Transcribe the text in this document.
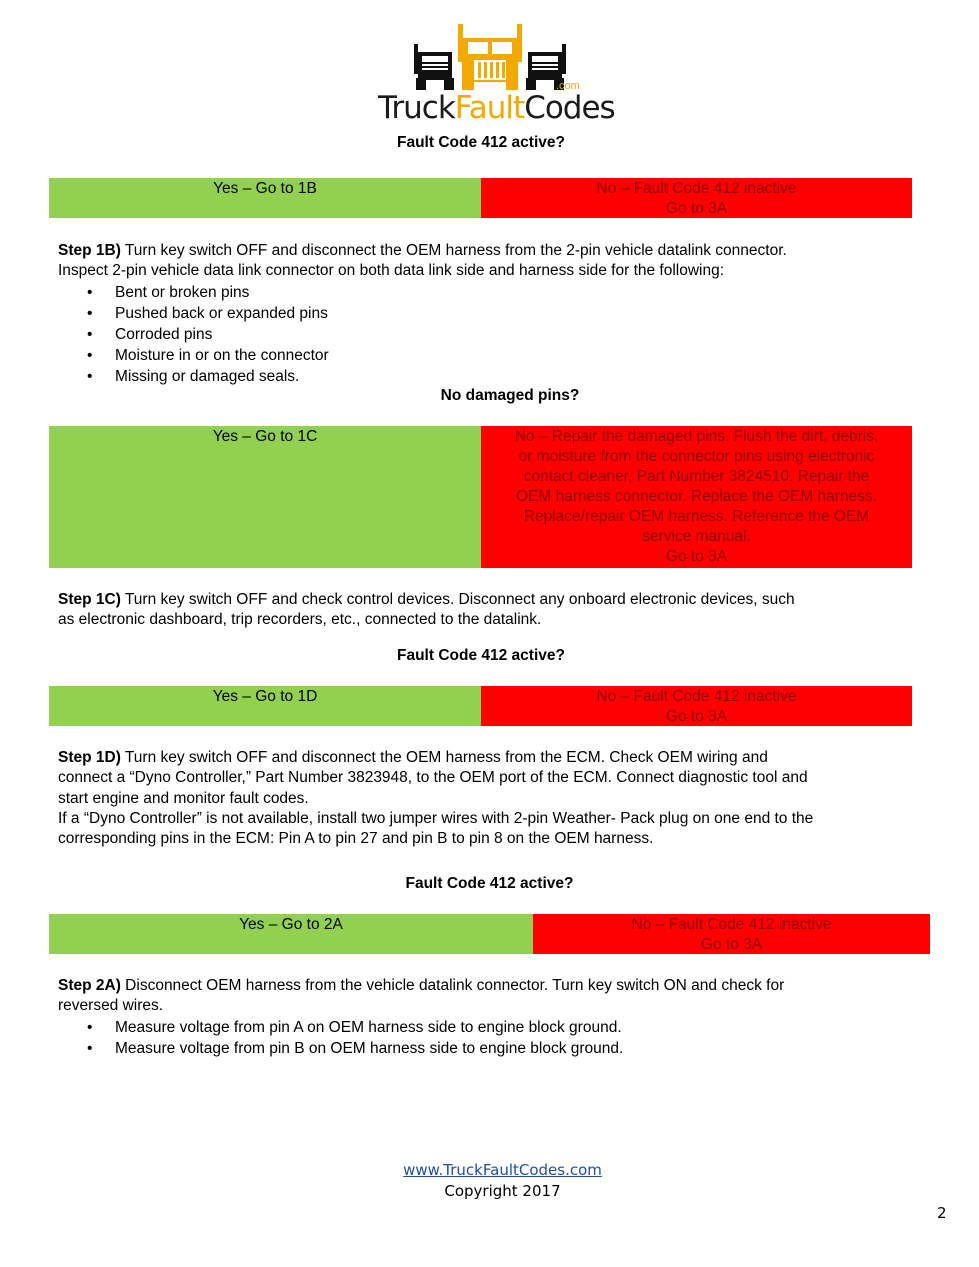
.com
TruckFaultCodes
Fault Code 412 active?
Yes – Go to 1B	No – Fault Code 412 inactive
Go to 3A
Step 1B) Turn key switch OFF and disconnect the OEM harness from the 2-pin vehicle datalink connector.
Inspect 2-pin vehicle data link connector on both data link side and harness side for the following:
• Bent or broken pins
• Pushed back or expanded pins
• Corroded pins
• Moisture in or on the connector
• Missing or damaged seals.
No damaged pins?
Yes – Go to 1C	No – Repair the damaged pins. Flush the dirt, debris,
or moisture from the connector pins using electronic
contact cleaner, Part Number 3824510. Repair the
OEM harness connector. Replace the OEM harness.
Replace/repair OEM harness. Reference the OEM
service manual.
Go to 3A
Step 1C) Turn key switch OFF and check control devices. Disconnect any onboard electronic devices, such
as electronic dashboard, trip recorders, etc., connected to the datalink.
Fault Code 412 active?
Yes – Go to 1D	No – Fault Code 412 inactive
Go to 3A
Step 1D) Turn key switch OFF and disconnect the OEM harness from the ECM. Check OEM wiring and
connect a “Dyno Controller,” Part Number 3823948, to the OEM port of the ECM. Connect diagnostic tool and
start engine and monitor fault codes.
If a “Dyno Controller” is not available, install two jumper wires with 2-pin Weather- Pack plug on one end to the
corresponding pins in the ECM: Pin A to pin 27 and pin B to pin 8 on the OEM harness.
Fault Code 412 active?
Yes – Go to 2A	No – Fault Code 412 inactive
Go to 3A
Step 2A) Disconnect OEM harness from the vehicle datalink connector. Turn key switch ON and check for
reversed wires.
• Measure voltage from pin A on OEM harness side to engine block ground.
• Measure voltage from pin B on OEM harness side to engine block ground.
www.TruckFaultCodes.com
Copyright 2017
2
